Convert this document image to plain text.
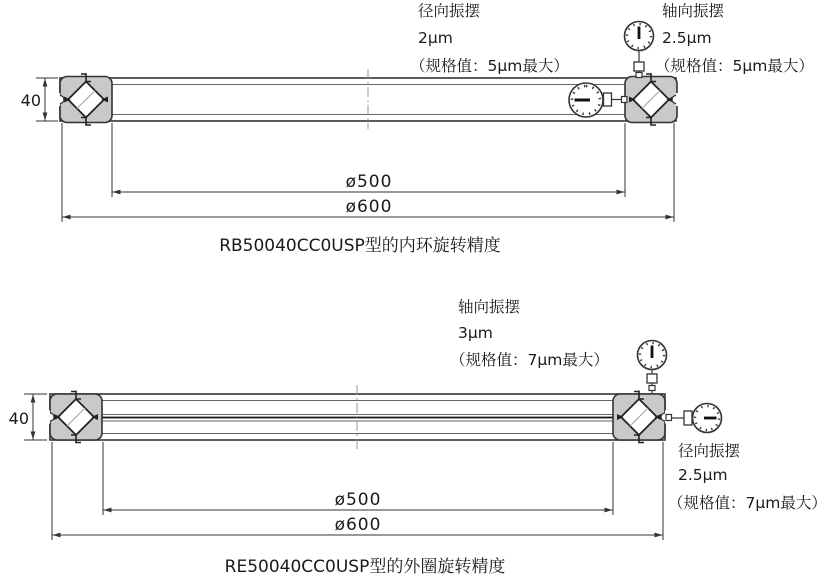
40
ø500
ø600
径向振摆
2μm
（规格值：5μm最大）
轴向振摆
2.5μm
（规格值：5μm最大）
RB50040CC0USP型的内环旋转精度
40
ø500
ø600
轴向振摆
3μm
（规格值：7μm最大）
径向振摆
2.5μm
（规格值：7μm最大）
RE50040CC0USP型的外圈旋转精度
